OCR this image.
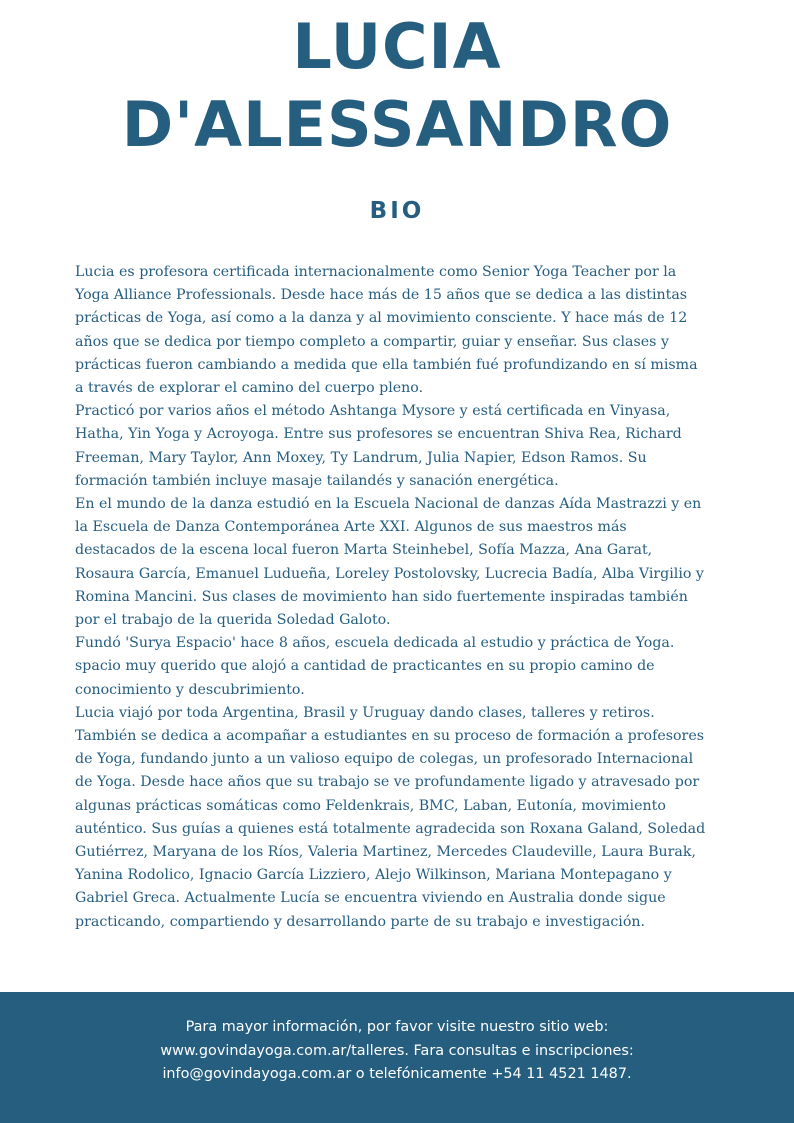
LUCIA
D'ALESSANDRO
BIO

Lucia es profesora certificada internacionalmente como Senior Yoga Teacher por la Yoga Alliance Professionals. Desde hace más de 15 años que se dedica a las distintas prácticas de Yoga, así como a la danza y al movimiento consciente. Y hace más de 12 años que se dedica por tiempo completo a compartir, guiar y enseñar. Sus clases y prácticas fueron cambiando a medida que ella también fué profundizando en sí misma a través de explorar el camino del cuerpo pleno.

Practicó por varios años el método Ashtanga Mysore y está certificada en Vinyasa, Hatha, Yin Yoga y Acroyoga. Entre sus profesores se encuentran Shiva Rea, Richard Freeman, Mary Taylor, Ann Moxey, Ty Landrum, Julia Napier, Edson Ramos. Su formación también incluye masaje tailandés y sanación energética.

En el mundo de la danza estudió en la Escuela Nacional de danzas Aída Mastrazzi y en la Escuela de Danza Contemporánea Arte XXI. Algunos de sus maestros más destacados de la escena local fueron Marta Steinhebel, Sofía Mazza, Ana Garat, Rosaura García, Emanuel Ludueña, Loreley Postolovsky, Lucrecia Badía, Alba Virgilio y Romina Mancini. Sus clases de movimiento han sido fuertemente inspiradas también por el trabajo de la querida Soledad Galoto.

Fundó 'Surya Espacio' hace 8 años, escuela dedicada al estudio y práctica de Yoga. spacio muy querido que alojó a cantidad de practicantes en su propio camino de conocimiento y descubrimiento.

Lucia viajó por toda Argentina, Brasil y Uruguay dando clases, talleres y retiros. También se dedica a acompañar a estudiantes en su proceso de formación a profesores de Yoga, fundando junto a un valioso equipo de colegas, un profesorado Internacional de Yoga. Desde hace años que su trabajo se ve profundamente ligado y atravesado por algunas prácticas somáticas como Feldenkrais, BMC, Laban, Eutonía, movimiento auténtico. Sus guías a quienes está totalmente agradecida son Roxana Galand, Soledad Gutiérrez, Maryana de los Ríos, Valeria Martinez, Mercedes Claudeville, Laura Burak, Yanina Rodolico, Ignacio García Lizziero, Alejo Wilkinson, Mariana Montepagano y Gabriel Greca. Actualmente Lucía se encuentra viviendo en Australia donde sigue practicando, compartiendo y desarrollando parte de su trabajo e investigación.

Para mayor información, por favor visite nuestro sitio web:
www.govindayoga.com.ar/talleres. Fara consultas e inscripciones:
info@govindayoga.com.ar o telefónicamente +54 11 4521 1487.
